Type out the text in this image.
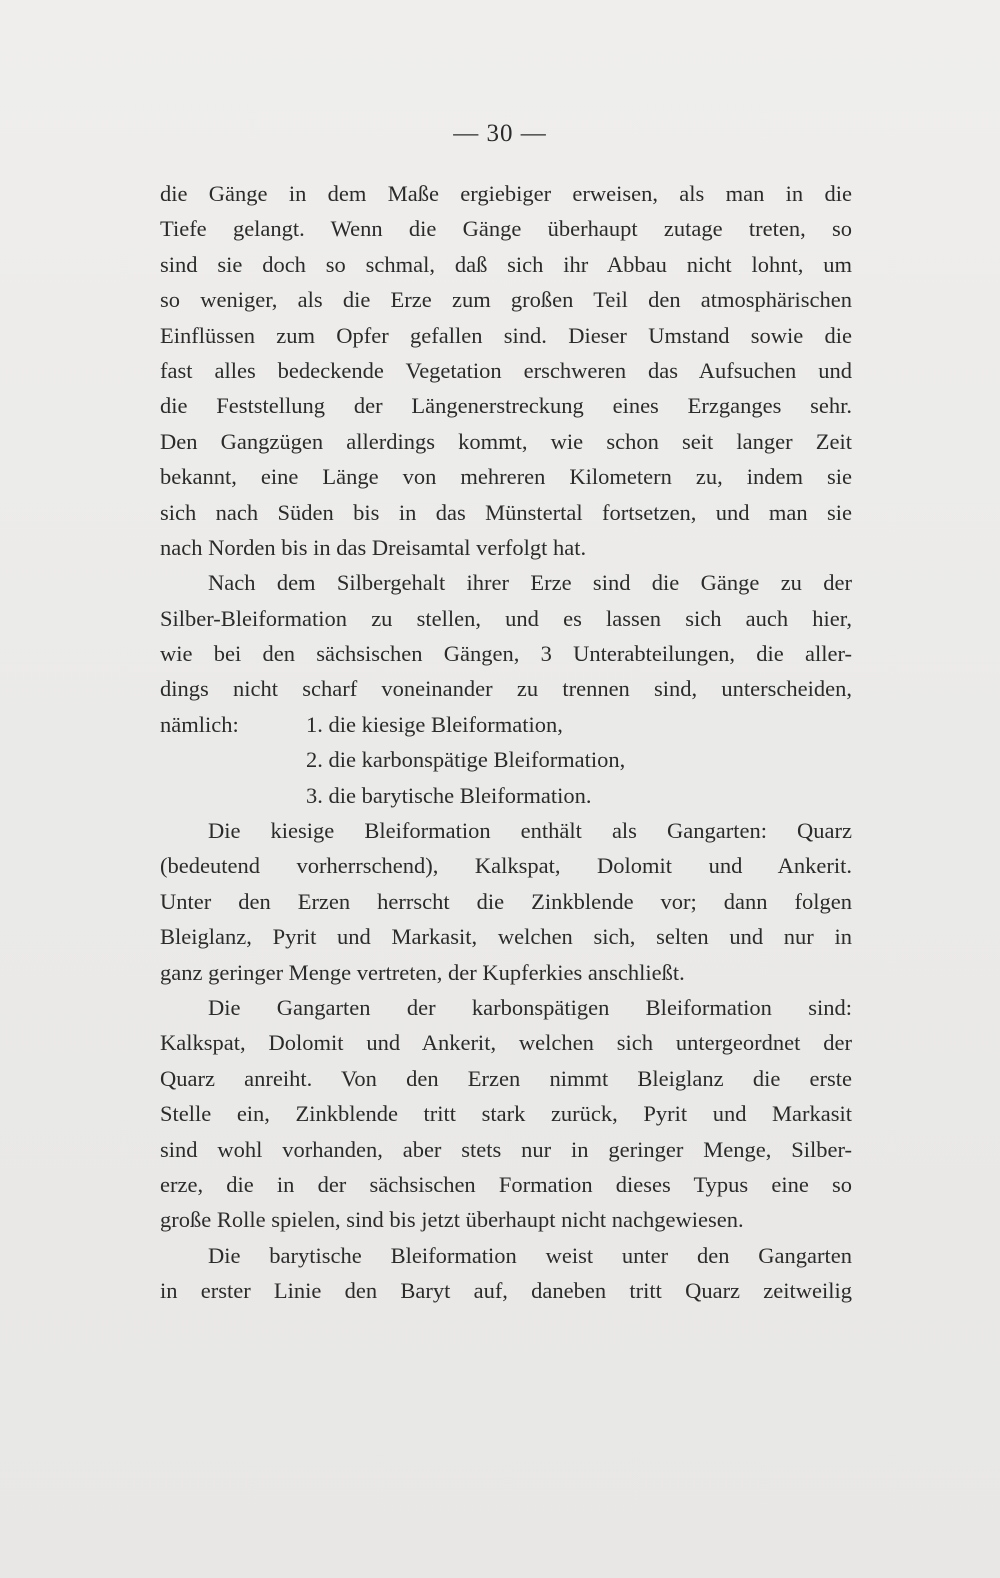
— 30 —
die Gänge in dem Maße ergiebiger erweisen, als man in die
Tiefe gelangt. Wenn die Gänge überhaupt zutage treten, so
sind sie doch so schmal, daß sich ihr Abbau nicht lohnt, um
so weniger, als die Erze zum großen Teil den atmosphärischen
Einflüssen zum Opfer gefallen sind. Dieser Umstand sowie die
fast alles bedeckende Vegetation erschweren das Aufsuchen und
die Feststellung der Längenerstreckung eines Erzganges sehr.
Den Gangzügen allerdings kommt, wie schon seit langer Zeit
bekannt, eine Länge von mehreren Kilometern zu, indem sie
sich nach Süden bis in das Münstertal fortsetzen, und man sie
nach Norden bis in das Dreisamtal verfolgt hat.
Nach dem Silbergehalt ihrer Erze sind die Gänge zu der
Silber-Bleiformation zu stellen, und es lassen sich auch hier,
wie bei den sächsischen Gängen, 3 Unterabteilungen, die aller-
dings nicht scharf voneinander zu trennen sind, unterscheiden,
nämlich:	1. die kiesige Bleiformation,
2. die karbonspätige Bleiformation,
3. die barytische Bleiformation.
Die kiesige Bleiformation enthält als Gangarten: Quarz
(bedeutend vorherrschend), Kalkspat, Dolomit und Ankerit.
Unter den Erzen herrscht die Zinkblende vor; dann folgen
Bleiglanz, Pyrit und Markasit, welchen sich, selten und nur in
ganz geringer Menge vertreten, der Kupferkies anschließt.
Die Gangarten der karbonspätigen Bleiformation sind:
Kalkspat, Dolomit und Ankerit, welchen sich untergeordnet der
Quarz anreiht. Von den Erzen nimmt Bleiglanz die erste
Stelle ein, Zinkblende tritt stark zurück, Pyrit und Markasit
sind wohl vorhanden, aber stets nur in geringer Menge, Silber-
erze, die in der sächsischen Formation dieses Typus eine so
große Rolle spielen, sind bis jetzt überhaupt nicht nachgewiesen.
Die barytische Bleiformation weist unter den Gangarten
in erster Linie den Baryt auf, daneben tritt Quarz zeitweilig
